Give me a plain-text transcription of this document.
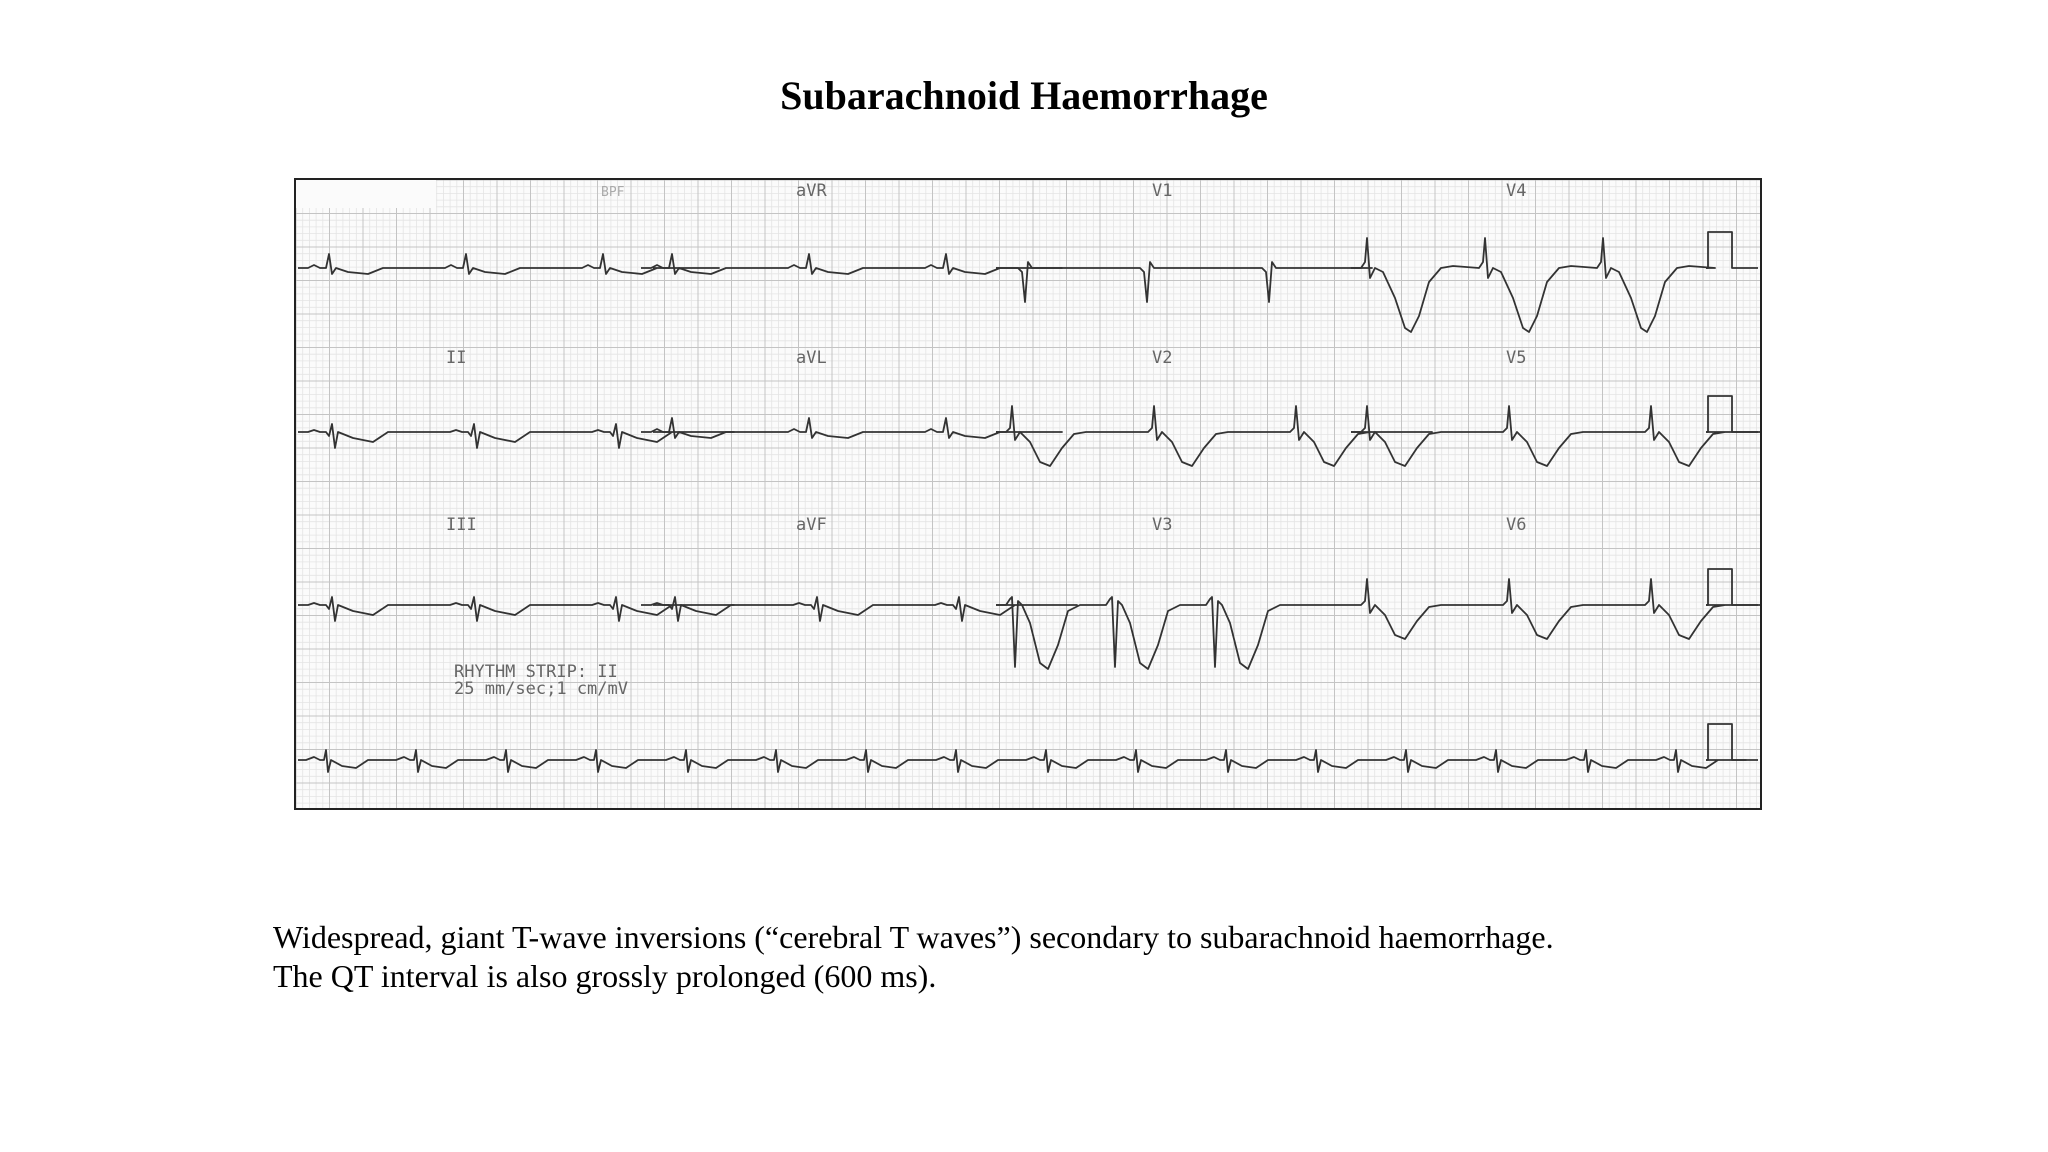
Subarachnoid Haemorrhage
BPF	aVR	V1	V4
II	aVL	V2	V5
III	aVF	V3	V6
RHYTHM STRIP: II
25 mm/sec;1 cm/mV
Widespread, giant T-wave inversions (“cerebral T waves”) secondary to subarachnoid haemorrhage.
The QT interval is also grossly prolonged (600 ms).
